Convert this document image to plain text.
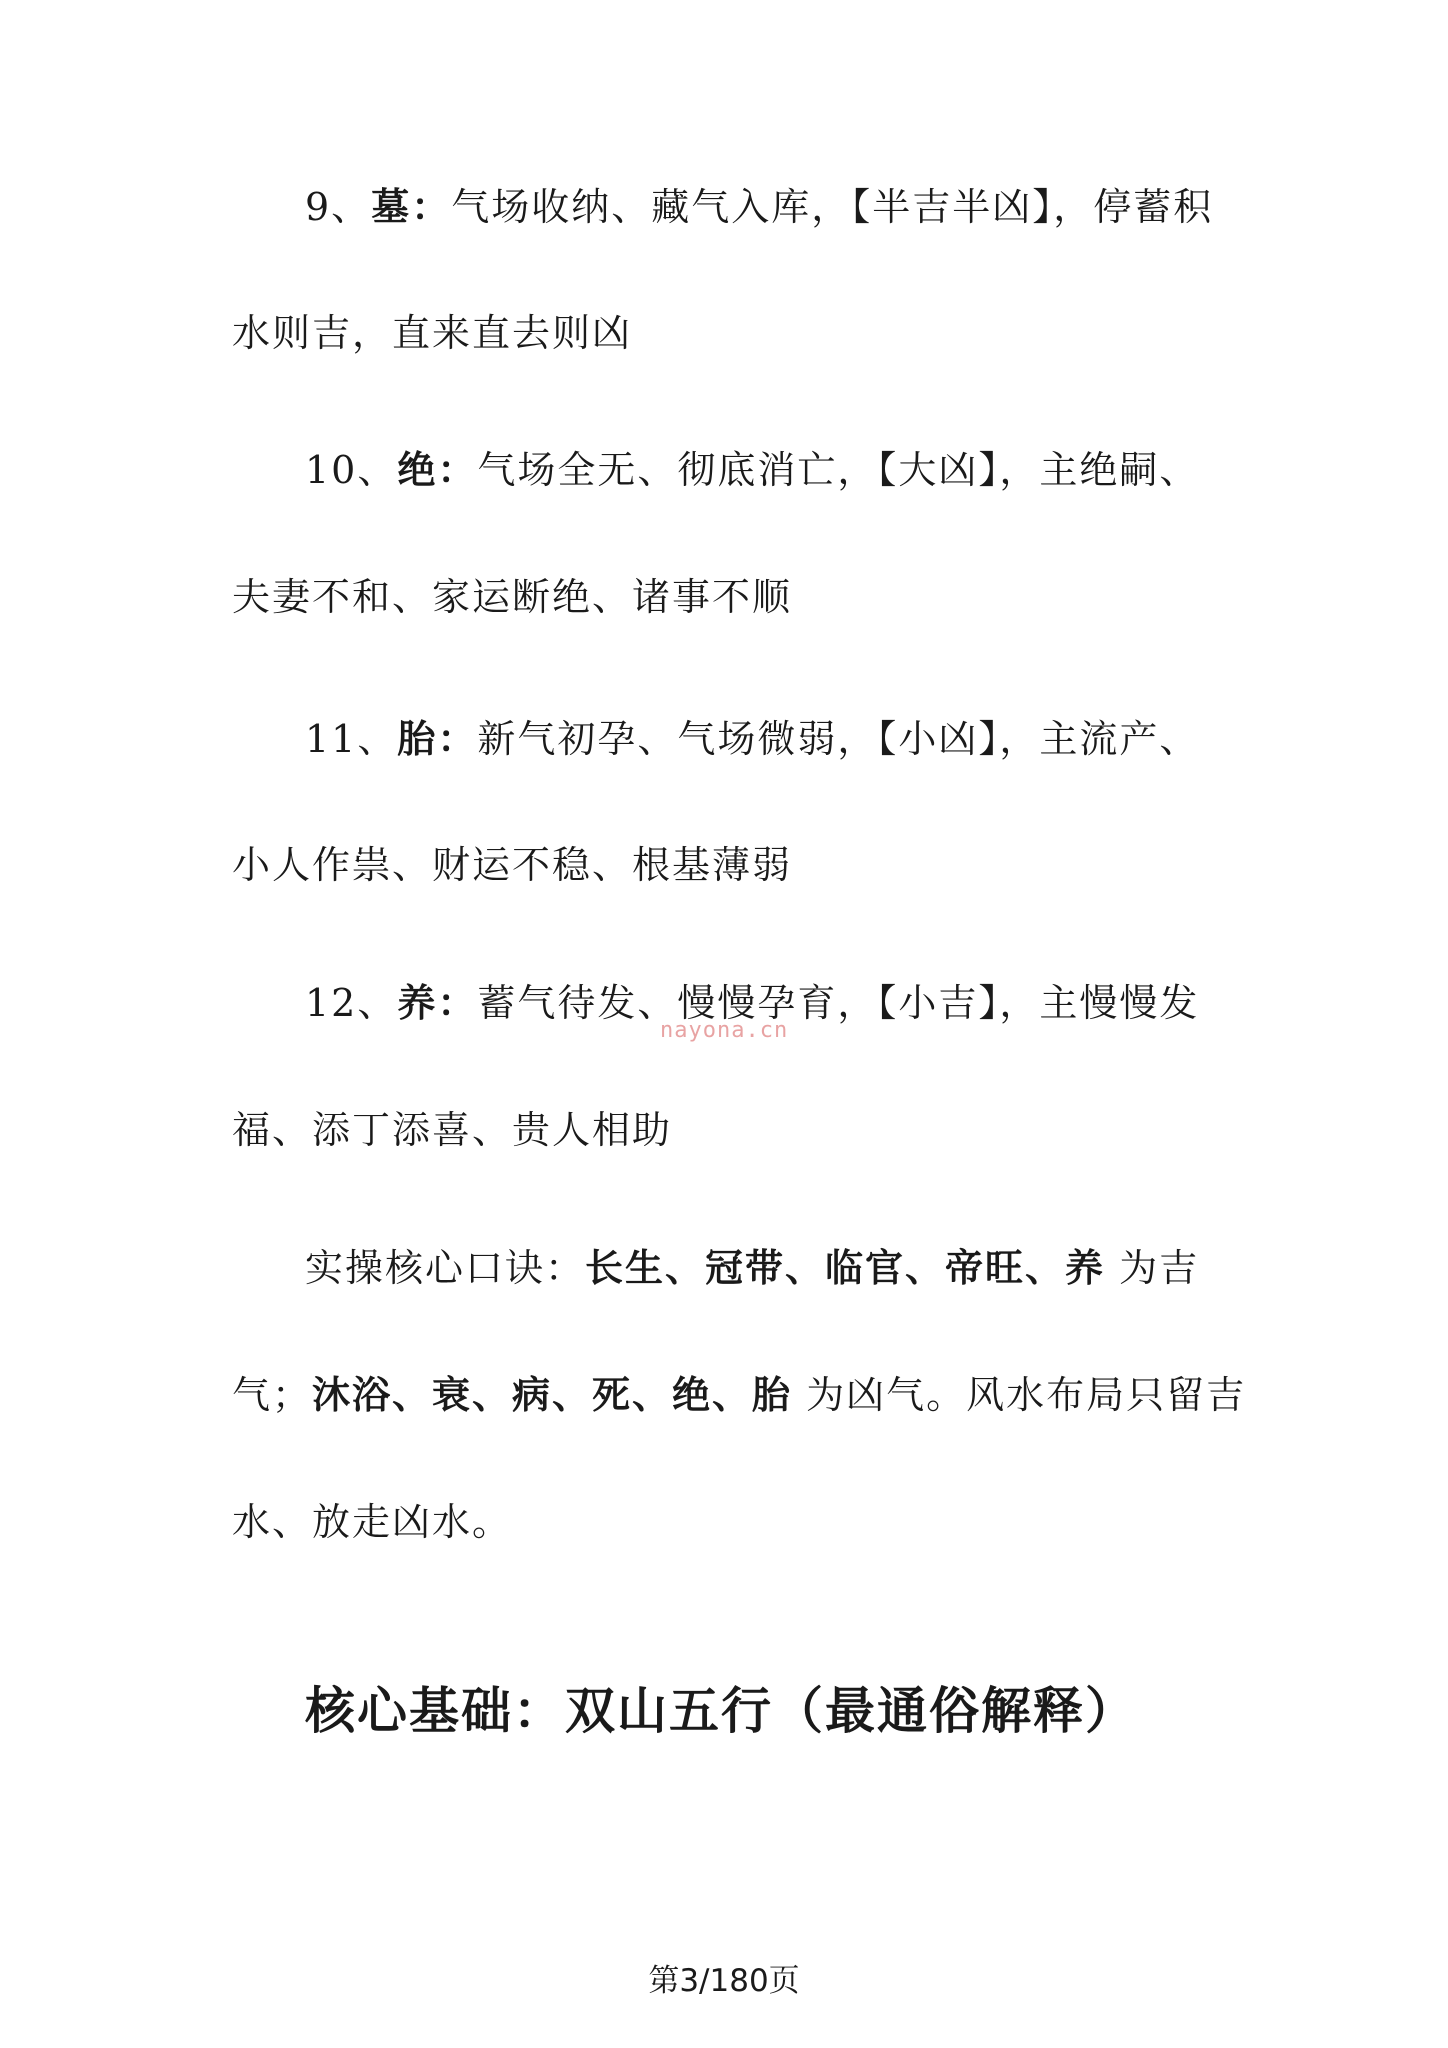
9、墓：气场收纳、藏气入库，【半吉半凶】，停蓄积
水则吉，直来直去则凶
10、绝：气场全无、彻底消亡，【大凶】，主绝嗣、
夫妻不和、家运断绝、诸事不顺
11、胎：新气初孕、气场微弱，【小凶】，主流产、
小人作祟、财运不稳、根基薄弱
12、养：蓄气待发、慢慢孕育，【小吉】，主慢慢发
福、添丁添喜、贵人相助
nayona.cn
实操核心口诀：长生、冠带、临官、帝旺、养 为吉
气；沐浴、衰、病、死、绝、胎 为凶气。风水布局只留吉
水、放走凶水。
核心基础：双山五行（最通俗解释）
第3/180页
